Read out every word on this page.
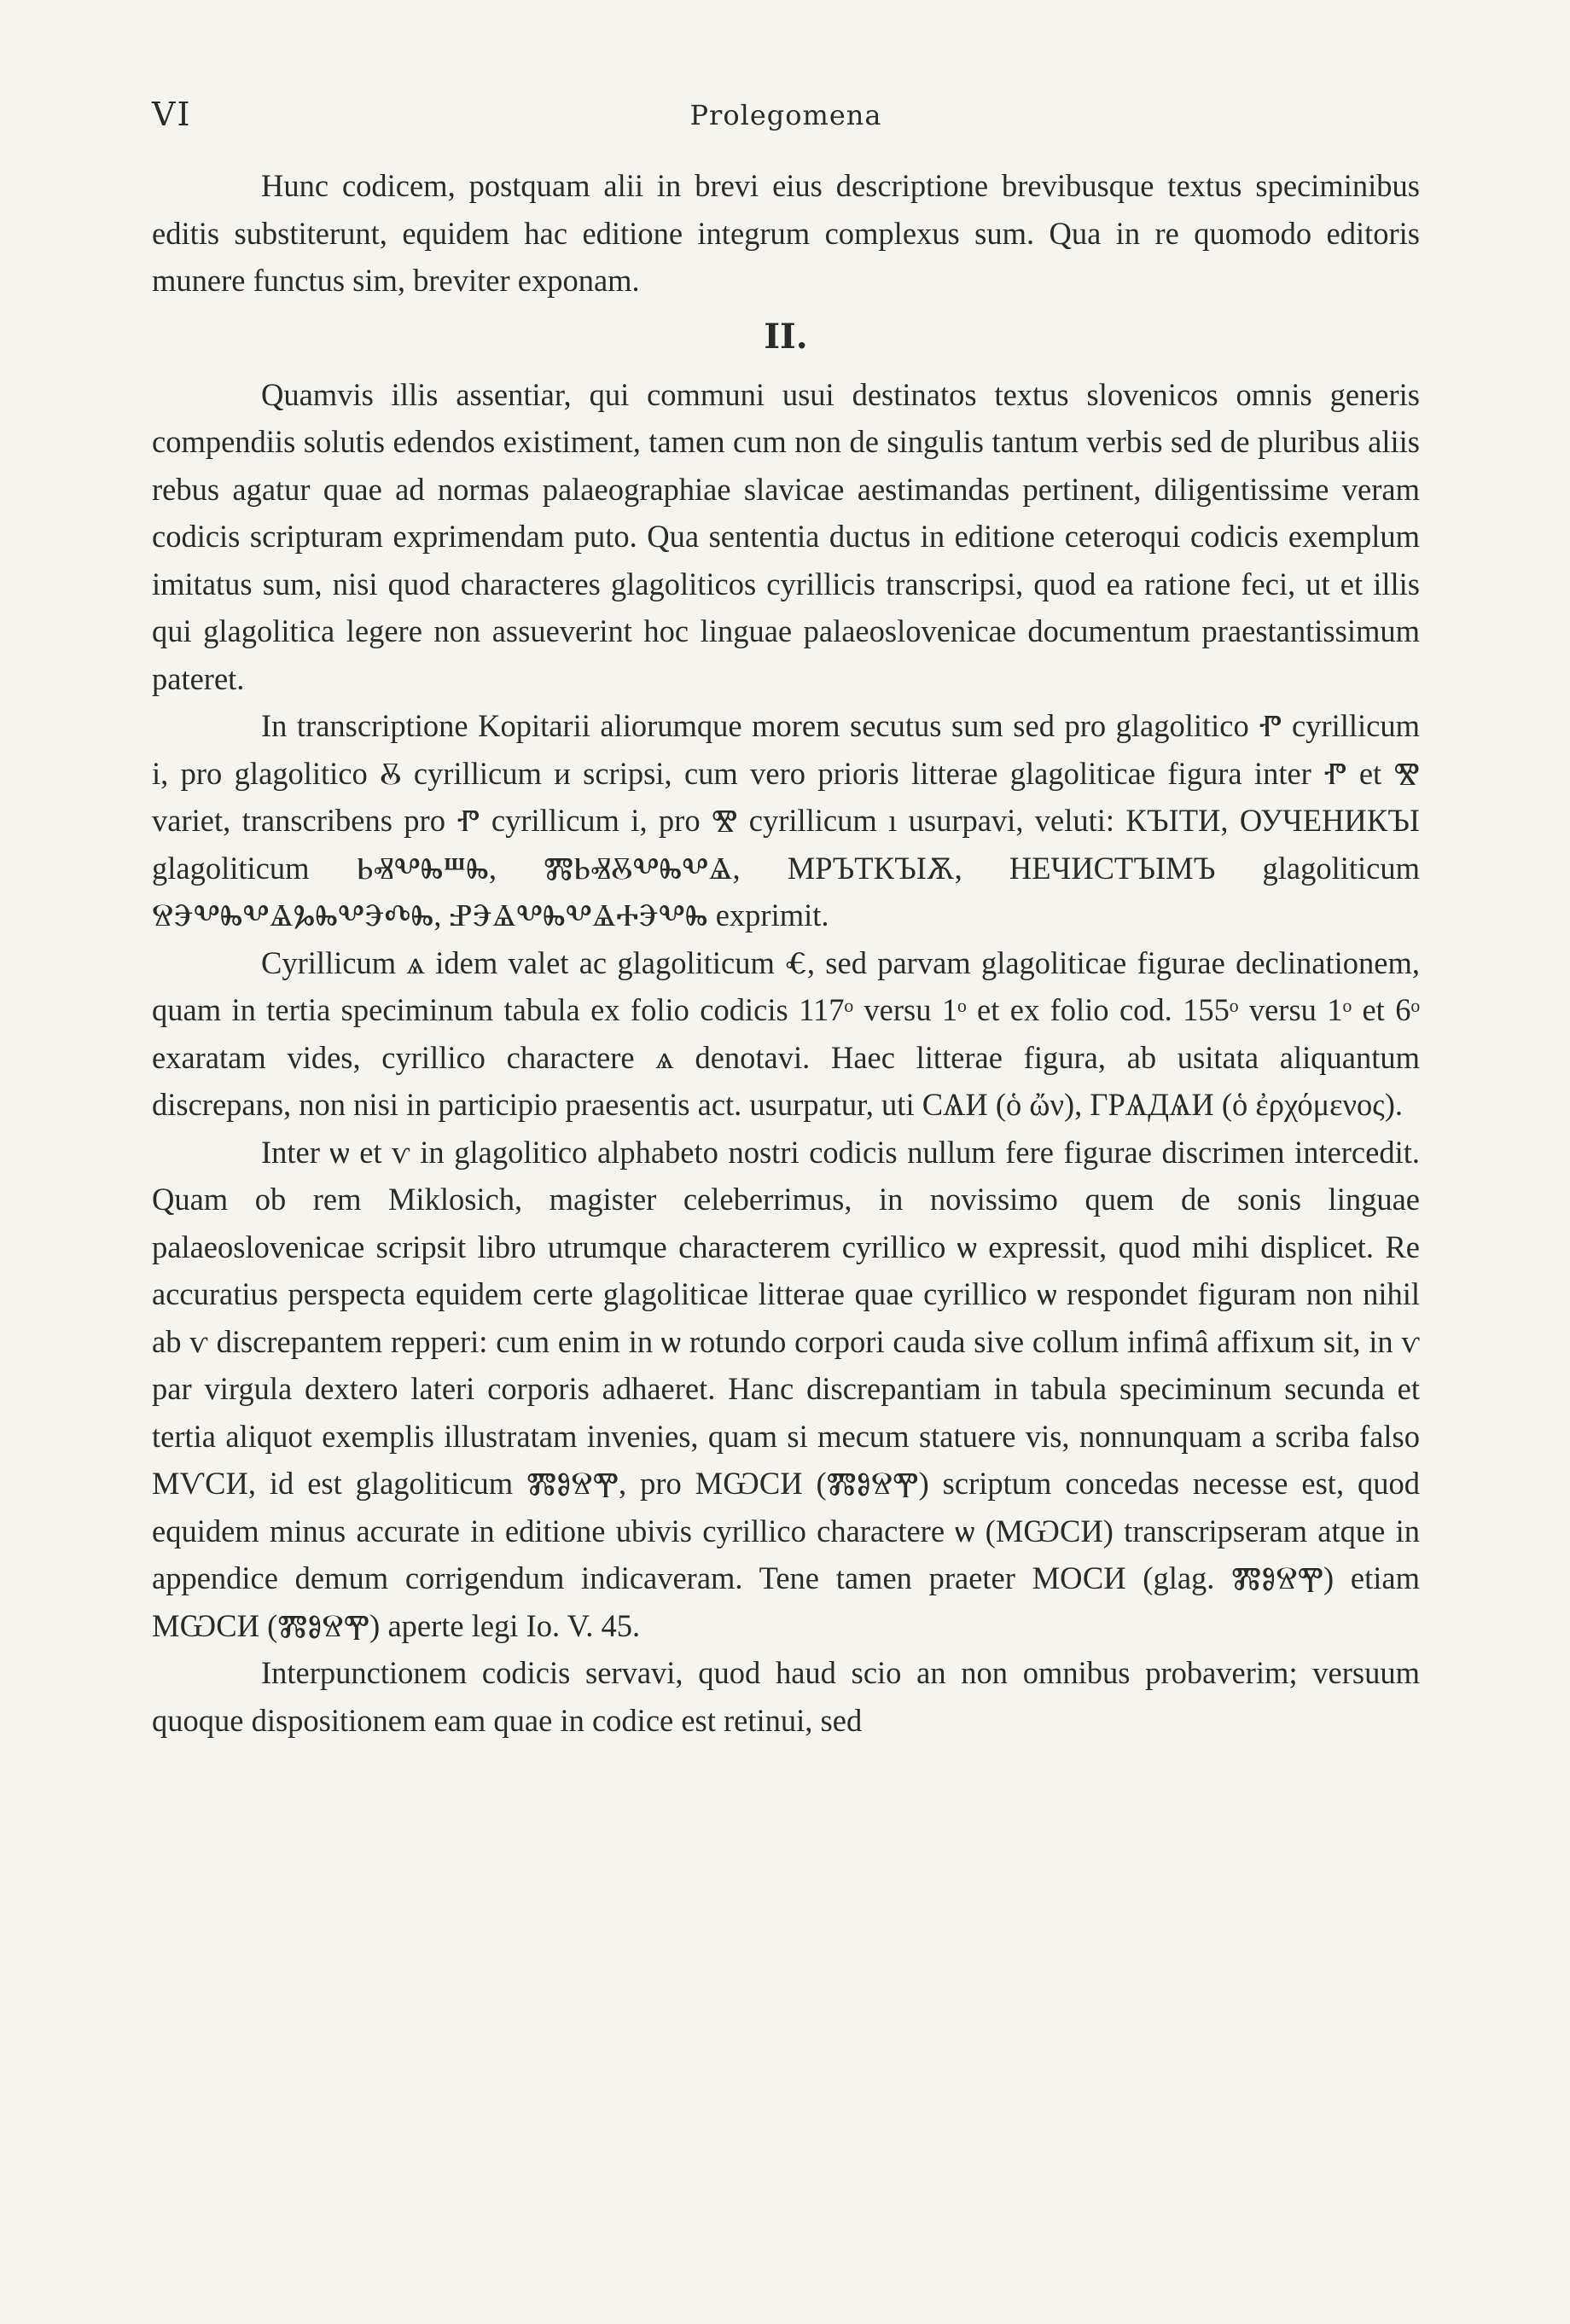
VI	Prolegomena

Hunc codicem, postquam alii in brevi eius descriptione brevibusque textus speciminibus editis substiterunt, equidem hac editione integrum complexus sum. Qua in re quomodo editoris munere functus sim, breviter exponam.

II.

Quamvis illis assentiar, qui communi usui destinatos textus slovenicos omnis generis compendiis solutis edendos existiment, tamen cum non de singulis tantum verbis sed de pluribus aliis rebus agatur quae ad normas palaeographiae slavicae aestimandas pertinent, diligentissime veram codicis scripturam exprimendam puto. Qua sententia ductus in editione ceteroqui codicis exemplum imitatus sum, nisi quod characteres glagoliticos cyrillicis transcripsi, quod ea ratione feci, ut et illis qui glagolitica legere non assueverint hoc linguae palaeoslovenicae documentum praestantissimum pateret.

In transcriptione Kopitarii aliorumque morem secutus sum sed pro glagolitico Ⱂ cyrillicum і, pro glagolitico Ⰻ cyrillicum и scripsi, cum vero prioris litterae glagoliticae figura inter Ⱂ et Ⰺ variet, transcribens pro Ⱂ cyrillicum і, pro Ⰺ cyrillicum ı usurpavi, veluti: КЪІТИ, ОУЧЕНИКЪІ glagoliticum ⰓⰟⰂⰈⰞⰈ, ⰏⰓⰟⰋⰂⰈⰂⰡ, МРЪТКЪІѪ, НЕЧИСТЪІМЪ glagoliticum ⰔⰅⰂⰈⰂⰡⰃⰈⰂⰅⰄⰈ, ⰐⰅⰡⰂⰈⰂⰡⰀⰅⰂⰈ exprimit.

Cyrillicum ѧ idem valet ac glagoliticum Ⱔ, sed parvam glagoliticae figurae declinationem, quam in tertia speciminum tabula ex folio codicis 117ᵒ versu 1ᵒ et ex folio cod. 155ᵒ versu 1ᵒ et 6ᵒ exaratam vides, cyrillico charactere ѧ denotavi. Haec litterae figura, ab usitata aliquantum discrepans, non nisi in participio praesentis act. usurpatur, uti СѦИ (ὁ ὤν), ГРѦДѦИ (ὁ ἐρχόμενος).

Inter ѡ et ѵ in glagolitico alphabeto nostri codicis nullum fere figurae discrimen intercedit. Quam ob rem Miklosich, magister celeberrimus, in novissimo quem de sonis linguae palaeoslovenicae scripsit libro utrumque characterem cyrillico ѡ expressit, quod mihi displicet. Re accuratius perspecta equidem certe glagoliticae litterae quae cyrillico ѡ respondet figuram non nihil ab ѵ discrepantem repperi: cum enim in ѡ rotundo corpori cauda sive collum infimâ affixum sit, in ѵ par virgula dextero lateri corporis adhaeret. Hanc discrepantiam in tabula speciminum secunda et tertia aliquot exemplis illustratam invenies, quam si mecum statuere vis, nonnunquam a scriba falso МѴСИ, id est glagoliticum ⰏⰑⰔⰉ, pro МѠСИ (ⰏⰑⰔⰉ) scriptum concedas necesse est, quod equidem minus accurate in editione ubivis cyrillico charactere ѡ (МѠСИ) transcripseram atque in appendice demum corrigendum indicaveram. Tene tamen praeter МОСИ (glag. ⰏⰑⰔⰉ) etiam МѠСИ (ⰏⰑⰔⰉ) aperte legi Io. V. 45.

Interpunctionem codicis servavi, quod haud scio an non omnibus probaverim; versuum quoque dispositionem eam quae in codice est retinui, sed
